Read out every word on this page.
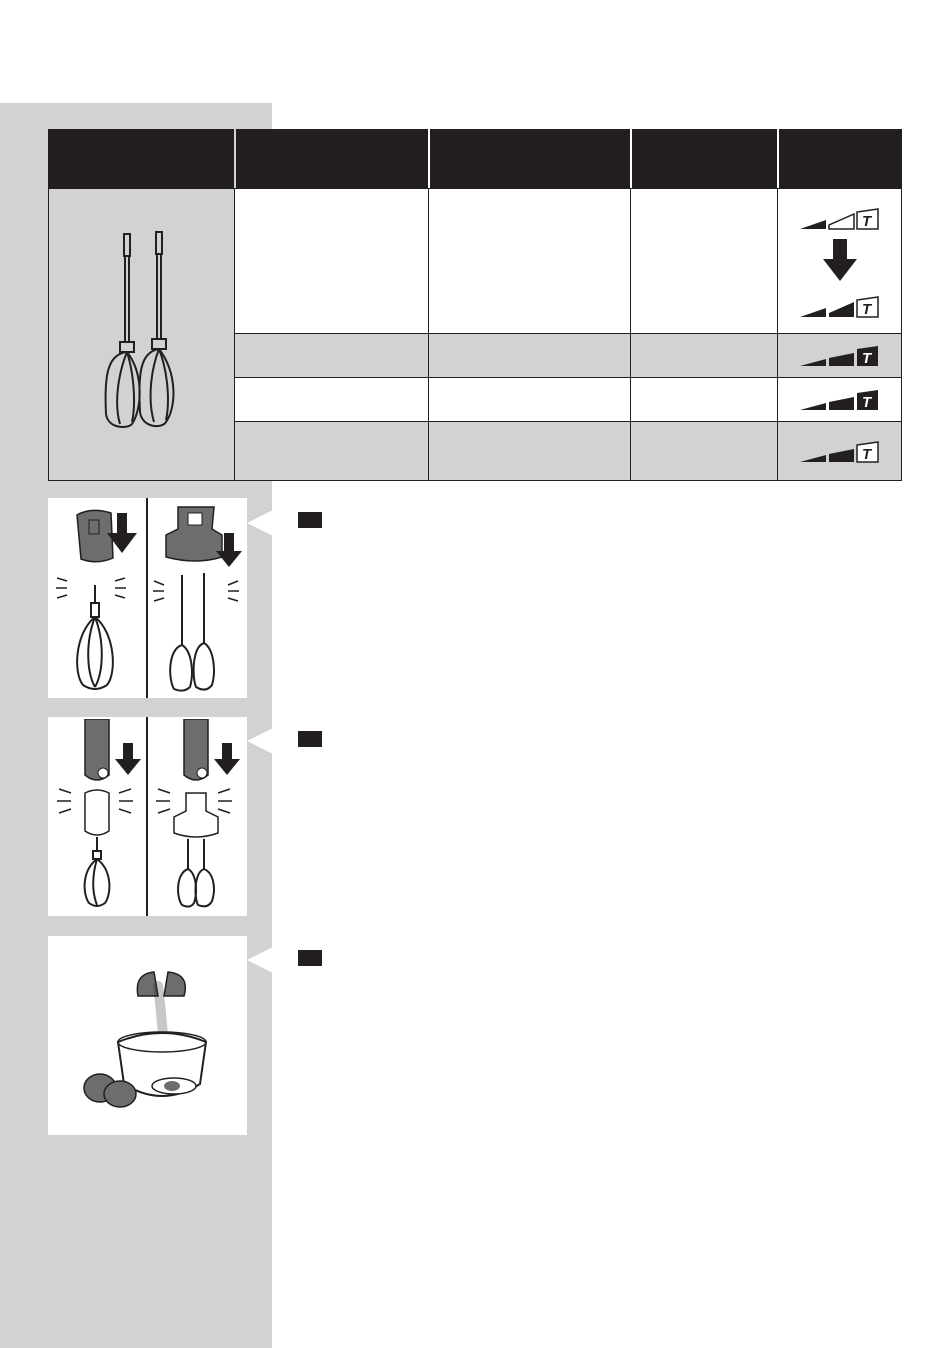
T
T
T
T
T
